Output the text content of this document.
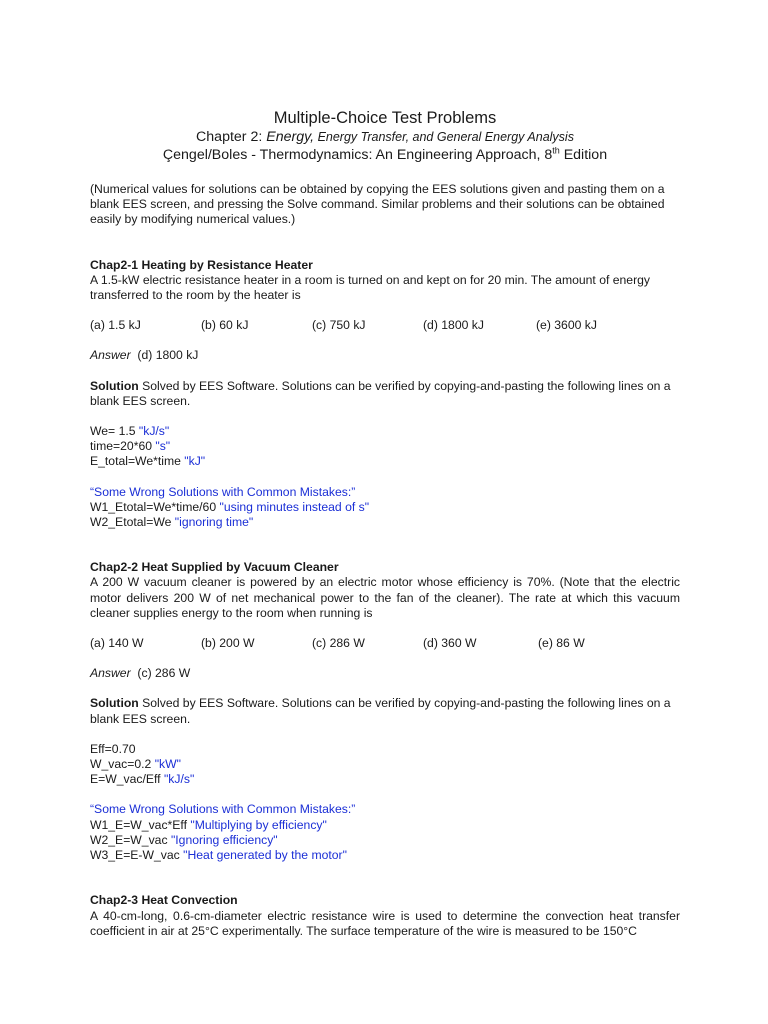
Multiple-Choice Test Problems
Chapter 2: Energy, Energy Transfer, and General Energy Analysis
Çengel/Boles - Thermodynamics: An Engineering Approach, 8th Edition
(Numerical values for solutions can be obtained by copying the EES solutions given and pasting them on a blank EES screen, and pressing the Solve command. Similar problems and their solutions can be obtained easily by modifying numerical values.)
Chap2-1 Heating by Resistance Heater
A 1.5-kW electric resistance heater in a room is turned on and kept on for 20 min. The amount of energy transferred to the room by the heater is
(a) 1.5 kJ	(b) 60 kJ	(c) 750 kJ	(d) 1800 kJ	(e) 3600 kJ
Answer (d) 1800 kJ
Solution Solved by EES Software. Solutions can be verified by copying-and-pasting the following lines on a blank EES screen.
We= 1.5 "kJ/s"
time=20*60 "s"
E_total=We*time "kJ"
“Some Wrong Solutions with Common Mistakes:”
W1_Etotal=We*time/60 "using minutes instead of s"
W2_Etotal=We "ignoring time"
Chap2-2 Heat Supplied by Vacuum Cleaner
A 200 W vacuum cleaner is powered by an electric motor whose efficiency is 70%. (Note that the electric motor delivers 200 W of net mechanical power to the fan of the cleaner). The rate at which this vacuum cleaner supplies energy to the room when running is
(a) 140 W	(b) 200 W	(c) 286 W	(d) 360 W	(e) 86 W
Answer (c) 286 W
Solution Solved by EES Software. Solutions can be verified by copying-and-pasting the following lines on a blank EES screen.
Eff=0.70
W_vac=0.2 "kW"
E=W_vac/Eff "kJ/s"
“Some Wrong Solutions with Common Mistakes:”
W1_E=W_vac*Eff "Multiplying by efficiency"
W2_E=W_vac "Ignoring efficiency"
W3_E=E-W_vac "Heat generated by the motor"
Chap2-3 Heat Convection
A 40-cm-long, 0.6-cm-diameter electric resistance wire is used to determine the convection heat transfer coefficient in air at 25°C experimentally. The surface temperature of the wire is measured to be 150°C
